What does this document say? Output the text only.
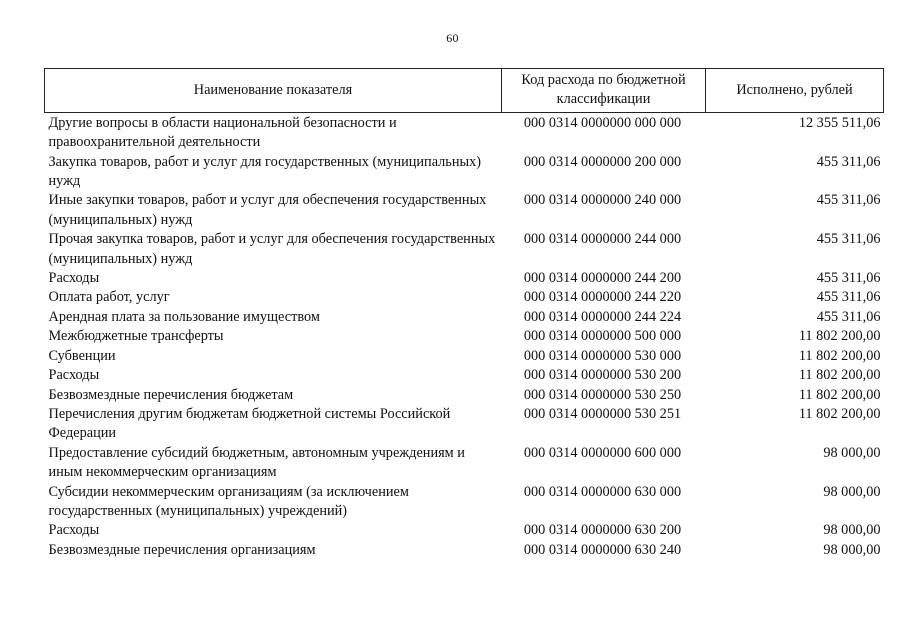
60
Наименование показателя	Код расхода по бюджетной классификации	Исполнено, рублей
Другие вопросы в области национальной безопасности и правоохранительной деятельности	000 0314 0000000 000 000	12 355 511,06
Закупка товаров, работ и услуг для государственных (муниципальных) нужд	000 0314 0000000 200 000	455 311,06
Иные закупки товаров, работ и услуг для обеспечения государственных (муниципальных) нужд	000 0314 0000000 240 000	455 311,06
Прочая закупка товаров, работ и услуг для обеспечения государственных (муниципальных) нужд	000 0314 0000000 244 000	455 311,06
Расходы	000 0314 0000000 244 200	455 311,06
Оплата работ, услуг	000 0314 0000000 244 220	455 311,06
Арендная плата за пользование имуществом	000 0314 0000000 244 224	455 311,06
Межбюджетные трансферты	000 0314 0000000 500 000	11 802 200,00
Субвенции	000 0314 0000000 530 000	11 802 200,00
Расходы	000 0314 0000000 530 200	11 802 200,00
Безвозмездные перечисления бюджетам	000 0314 0000000 530 250	11 802 200,00
Перечисления другим бюджетам бюджетной системы Российской Федерации	000 0314 0000000 530 251	11 802 200,00
Предоставление субсидий бюджетным, автономным учреждениям и иным некоммерческим организациям	000 0314 0000000 600 000	98 000,00
Субсидии некоммерческим организациям (за исключением государственных (муниципальных) учреждений)	000 0314 0000000 630 000	98 000,00
Расходы	000 0314 0000000 630 200	98 000,00
Безвозмездные перечисления организациям	000 0314 0000000 630 240	98 000,00
